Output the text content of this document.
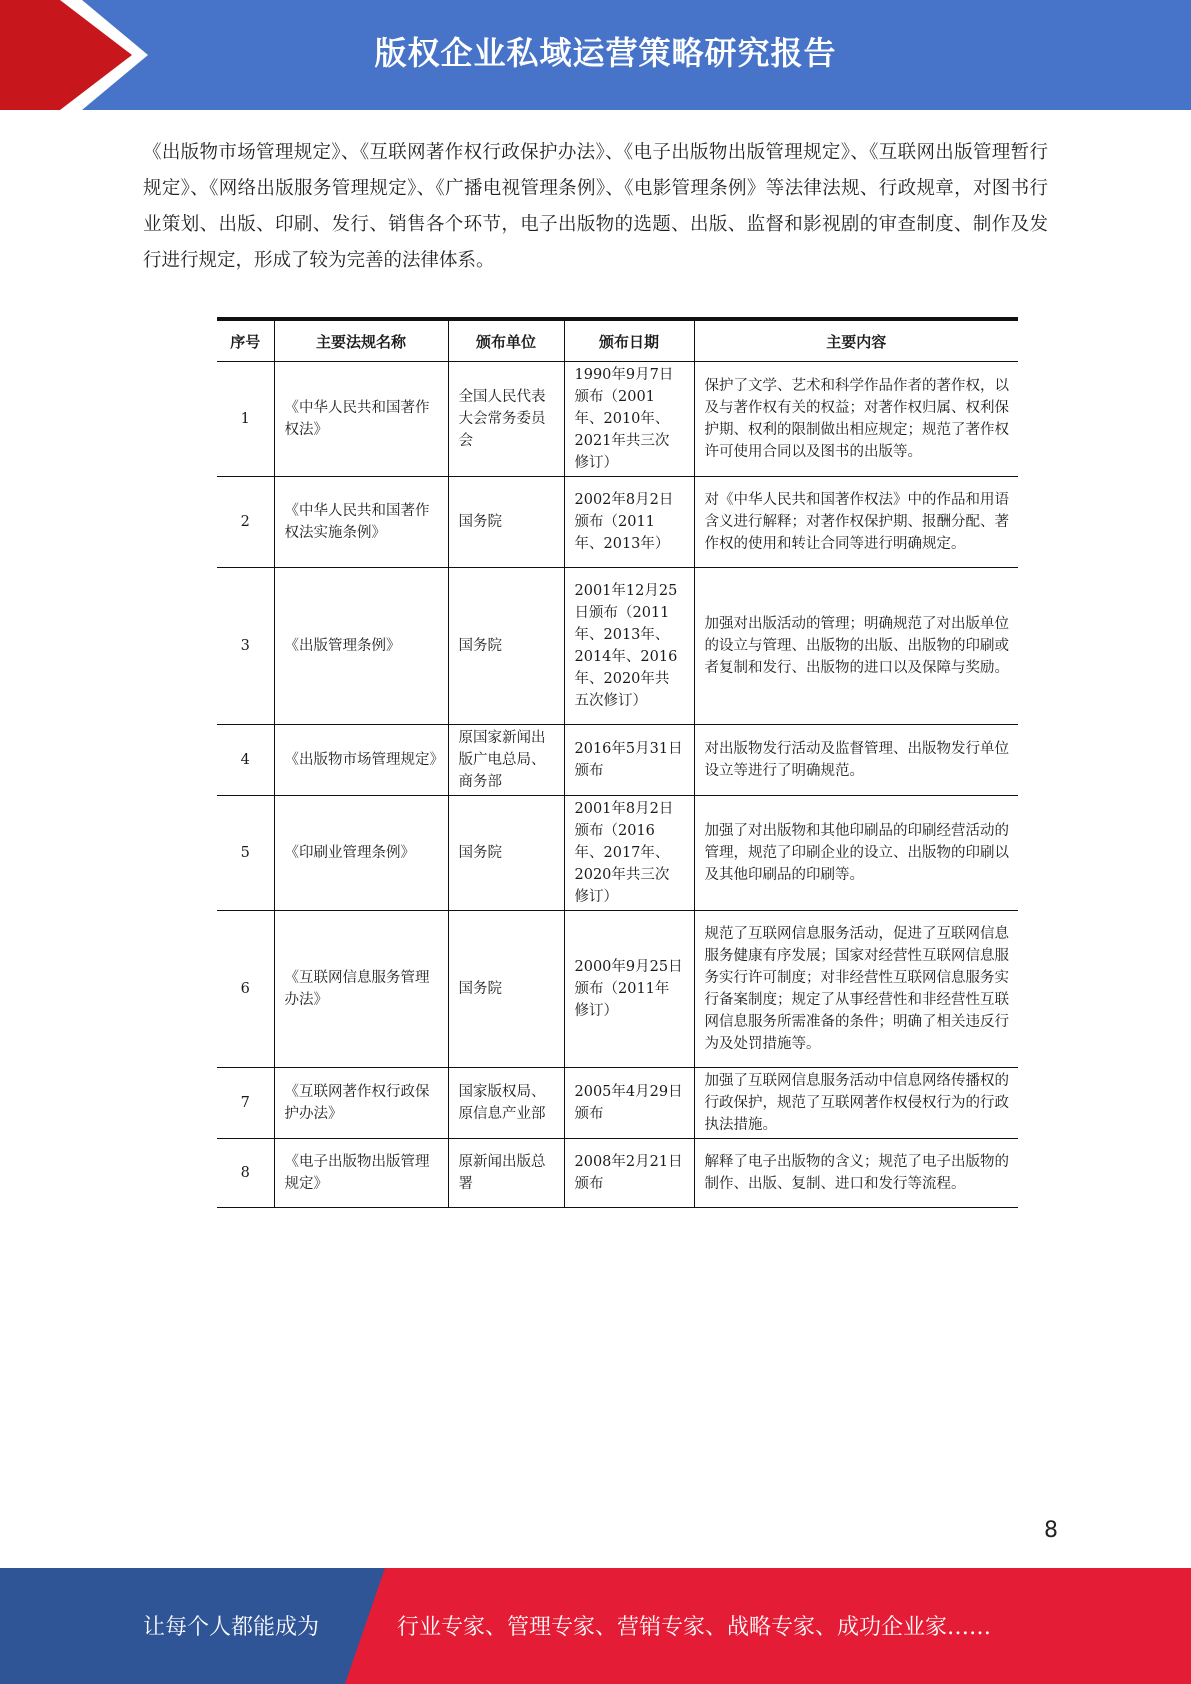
版权企业私域运营策略研究报告

《出版物市场管理规定》、《互联网著作权行政保护办法》、《电子出版物出版管理规定》、《互联网出版管理暂行规定》、《网络出版服务管理规定》、《广播电视管理条例》、《电影管理条例》等法律法规、行政规章，对图书行业策划、出版、印刷、发行、销售各个环节，电子出版物的选题、出版、监督和影视剧的审查制度、制作及发行进行规定，形成了较为完善的法律体系。

序号	主要法规名称	颁布单位	颁布日期	主要内容
1	《中华人民共和国著作权法》	全国人民代表大会常务委员会	1990年9月7日颁布（2001年、2010年、2021年共三次修订）	保护了文学、艺术和科学作品作者的著作权，以及与著作权有关的权益；对著作权归属、权利保护期、权利的限制做出相应规定；规范了著作权许可使用合同以及图书的出版等。
2	《中华人民共和国著作权法实施条例》	国务院	2002年8月2日颁布（2011年、2013年）	对《中华人民共和国著作权法》中的作品和用语含义进行解释；对著作权保护期、报酬分配、著作权的使用和转让合同等进行明确规定。
3	《出版管理条例》	国务院	2001年12月25日颁布（2011年、2013年、2014年、2016年、2020年共五次修订）	加强对出版活动的管理；明确规范了对出版单位的设立与管理、出版物的出版、出版物的印刷或者复制和发行、出版物的进口以及保障与奖励。
4	《出版物市场管理规定》	原国家新闻出版广电总局、商务部	2016年5月31日颁布	对出版物发行活动及监督管理、出版物发行单位设立等进行了明确规范。
5	《印刷业管理条例》	国务院	2001年8月2日颁布（2016年、2017年、2020年共三次修订）	加强了对出版物和其他印刷品的印刷经营活动的管理，规范了印刷企业的设立、出版物的印刷以及其他印刷品的印刷等。
6	《互联网信息服务管理办法》	国务院	2000年9月25日颁布（2011年修订）	规范了互联网信息服务活动，促进了互联网信息服务健康有序发展；国家对经营性互联网信息服务实行许可制度；对非经营性互联网信息服务实行备案制度；规定了从事经营性和非经营性互联网信息服务所需准备的条件；明确了相关违反行为及处罚措施等。
7	《互联网著作权行政保护办法》	国家版权局、原信息产业部	2005年4月29日颁布	加强了互联网信息服务活动中信息网络传播权的行政保护，规范了互联网著作权侵权行为的行政执法措施。
8	《电子出版物出版管理规定》	原新闻出版总署	2008年2月21日颁布	解释了电子出版物的含义；规范了电子出版物的制作、出版、复制、进口和发行等流程。
8
让每个人都能成为	行业专家、管理专家、营销专家、战略专家、成功企业家……
